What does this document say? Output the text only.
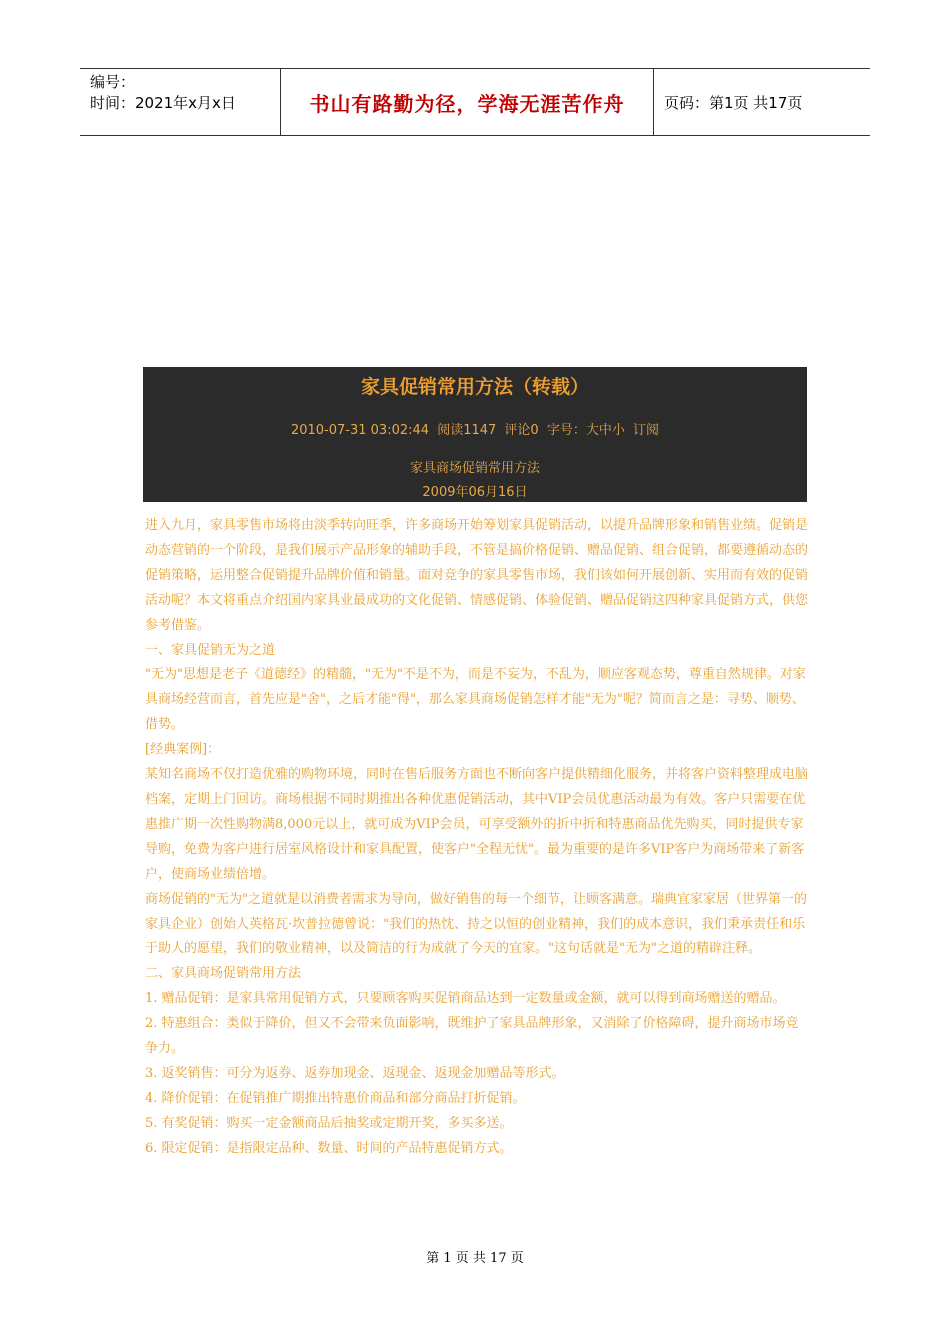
编号：
时间：2021年x月x日	书山有路勤为径，学海无涯苦作舟	页码：第1页 共17页
家具促销常用方法（转载）
2010-07-31 03:02:44 阅读1147 评论0 字号：大中小 订阅
家具商场促销常用方法
2009年06月16日

进入九月，家具零售市场将由淡季转向旺季，许多商场开始筹划家具促销活动，以提升品牌形象和销售业绩。促销是动态营销的一个阶段，是我们展示产品形象的辅助手段，不管是搞价格促销、赠品促销、组合促销，都要遵循动态的促销策略，运用整合促销提升品牌价值和销量。面对竞争的家具零售市场，我们该如何开展创新、实用而有效的促销活动呢？本文将重点介绍国内家具业最成功的文化促销、情感促销、体验促销、赠品促销这四种家具促销方式，供您参考借鉴。

一、家具促销无为之道

"无为"思想是老子《道德经》的精髓，"无为"不是不为，而是不妄为，不乱为，顺应客观态势，尊重自然规律。对家具商场经营而言，首先应是"舍"，之后才能"得"，那么家具商场促销怎样才能"无为"呢？简而言之是：寻势、顺势、借势。

[经典案例]：

某知名商场不仅打造优雅的购物环境，同时在售后服务方面也不断向客户提供精细化服务，并将客户资料整理成电脑档案，定期上门回访。商场根据不同时期推出各种优惠促销活动，其中VIP会员优惠活动最为有效。客户只需要在优惠推广期一次性购物满8,000元以上，就可成为VIP会员，可享受额外的折中折和特惠商品优先购买，同时提供专家导购，免费为客户进行居室风格设计和家具配置，使客户"全程无忧"。最为重要的是许多VIP客户为商场带来了新客户，使商场业绩倍增。

商场促销的"无为"之道就是以消费者需求为导向，做好销售的每一个细节，让顾客满意。瑞典宜家家居（世界第一的家具企业）创始人英格瓦·坎普拉德曾说："我们的热忱、持之以恒的创业精神，我们的成本意识，我们秉承责任和乐于助人的愿望，我们的敬业精神，以及简洁的行为成就了今天的宜家。"这句话就是"无为"之道的精辟注释。

二、家具商场促销常用方法

1. 赠品促销：是家具常用促销方式，只要顾客购买促销商品达到一定数量或金额，就可以得到商场赠送的赠品。

2. 特惠组合：类似于降价，但又不会带来负面影响，既维护了家具品牌形象，又消除了价格障碍，提升商场市场竞争力。

3. 返奖销售：可分为返券、返券加现金、返现金、返现金加赠品等形式。

4. 降价促销：在促销推广期推出特惠价商品和部分商品打折促销。

5. 有奖促销：购买一定金额商品后抽奖或定期开奖，多买多送。

6. 限定促销：是指限定品种、数量、时间的产品特惠促销方式。

第 1 页 共 17 页
